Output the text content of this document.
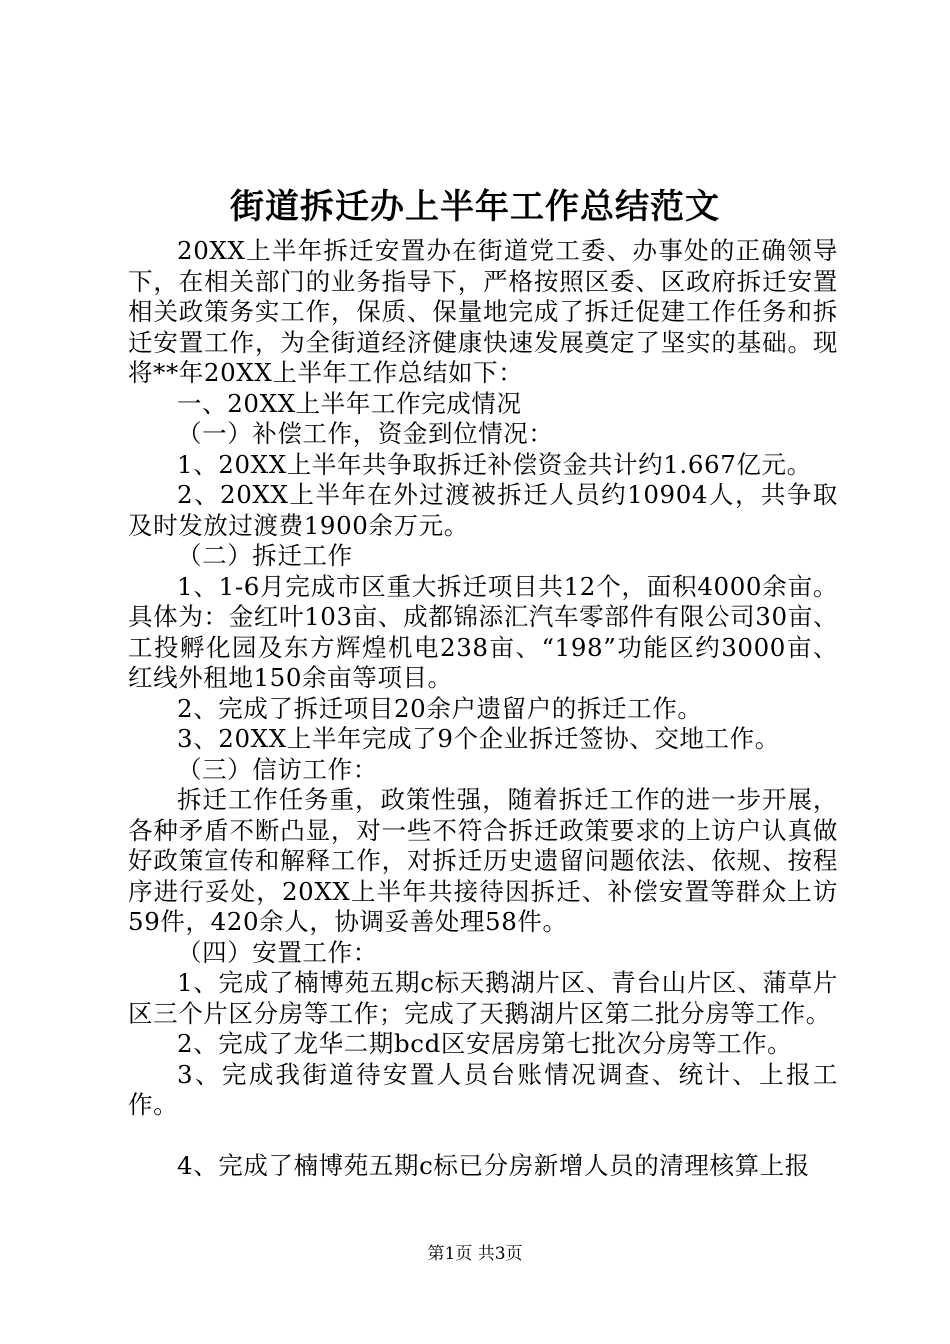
街道拆迁办上半年工作总结范文

20XX上半年拆迁安置办在街道党工委、办事处的正确领导下，在相关部门的业务指导下，严格按照区委、区政府拆迁安置相关政策务实工作，保质、保量地完成了拆迁促建工作任务和拆迁安置工作，为全街道经济健康快速发展奠定了坚实的基础。现将**年20XX上半年工作总结如下：

一、20XX上半年工作完成情况

（一）补偿工作，资金到位情况：

1、20XX上半年共争取拆迁补偿资金共计约1.667亿元。

2、20XX上半年在外过渡被拆迁人员约10904人，共争取及时发放过渡费1900余万元。

（二）拆迁工作

1、1-6月完成市区重大拆迁项目共12个，面积4000余亩。具体为：金红叶103亩、成都锦添汇汽车零部件有限公司30亩、工投孵化园及东方辉煌机电238亩、“198”功能区约3000亩、红线外租地150余亩等项目。

2、完成了拆迁项目20余户遗留户的拆迁工作。

3、20XX上半年完成了9个企业拆迁签协、交地工作。

（三）信访工作：

拆迁工作任务重，政策性强，随着拆迁工作的进一步开展，各种矛盾不断凸显，对一些不符合拆迁政策要求的上访户认真做好政策宣传和解释工作，对拆迁历史遗留问题依法、依规、按程序进行妥处，20XX上半年共接待因拆迁、补偿安置等群众上访59件，420余人，协调妥善处理58件。

（四）安置工作：

1、完成了楠博苑五期c标天鹅湖片区、青台山片区、蒲草片区三个片区分房等工作；完成了天鹅湖片区第二批分房等工作。

2、完成了龙华二期bcd区安居房第七批次分房等工作。

3、完成我街道待安置人员台账情况调查、统计、上报工作。

4、完成了楠博苑五期c标已分房新增人员的清理核算上报

第1页 共3页
